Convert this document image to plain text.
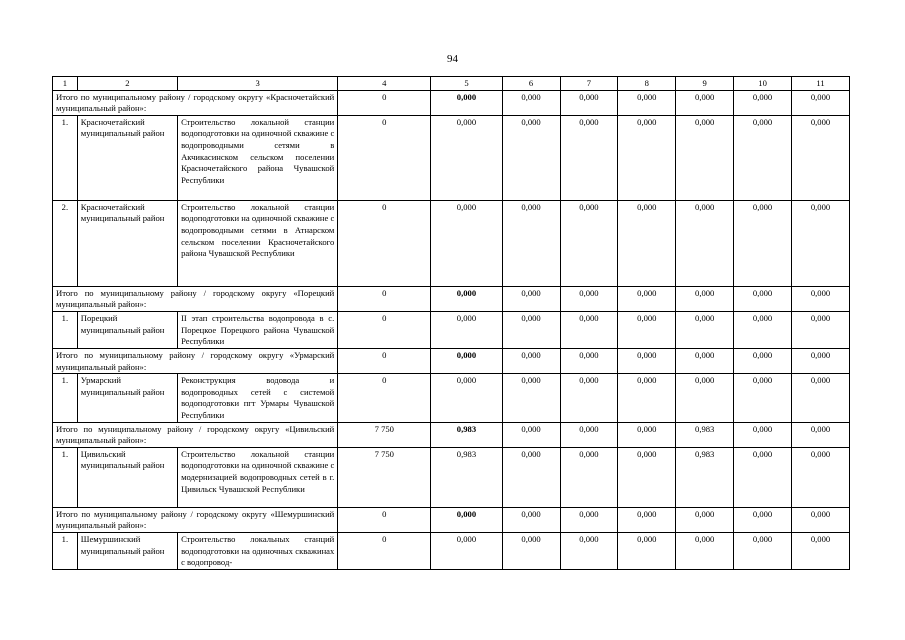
94
1	2	3	4	5	6	7	8	9	10	11
Итого по муниципальному району / городскому округу «Красночетайский муниципальный район»:			0	0,000	0,000	0,000	0,000	0,000	0,000	0,000
1.	Красночетайский муниципальный район	Строительство локальной станции водоподготовки на одиночной скважине с водопроводными сетями в Акчикасинском сельском поселении Красночетайского района Чувашской Республики	0	0,000	0,000	0,000	0,000	0,000	0,000	0,000
2.	Красночетайский муниципальный район	Строительство локальной станции водоподготовки на одиночной скважине с водопроводными сетями в Атнарском сельском поселении Красночетайского района Чувашской Республики	0	0,000	0,000	0,000	0,000	0,000	0,000	0,000
Итого по муниципальному району / городскому округу «Порецкий муниципальный район»:			0	0,000	0,000	0,000	0,000	0,000	0,000	0,000
1.	Порецкий муниципальный район	II этап строительства водопровода в с. Порецкое Порецкого района Чувашской Республики	0	0,000	0,000	0,000	0,000	0,000	0,000	0,000
Итого по муниципальному району / городскому округу «Урмарский муниципальный район»:			0	0,000	0,000	0,000	0,000	0,000	0,000	0,000
1.	Урмарский муниципальный район	Реконструкция водовода и водопроводных сетей с системой водоподготовки пгт Урмары Чувашской Республики	0	0,000	0,000	0,000	0,000	0,000	0,000	0,000
Итого по муниципальному району / городскому округу «Цивильский муниципальный район»:			7 750	0,983	0,000	0,000	0,000	0,983	0,000	0,000
1.	Цивильский муниципальный район	Строительство локальной станции водоподготовки на одиночной скважине с модернизацией водопроводных сетей в г. Цивильск Чувашской Республики	7 750	0,983	0,000	0,000	0,000	0,983	0,000	0,000
Итого по муниципальному району / городскому округу «Шемуршинский муниципальный район»:			0	0,000	0,000	0,000	0,000	0,000	0,000	0,000
1.	Шемуршинский муниципальный район	Строительство локальных станций водоподготовки на одиночных скважинах с водопровод-	0	0,000	0,000	0,000	0,000	0,000	0,000	0,000
